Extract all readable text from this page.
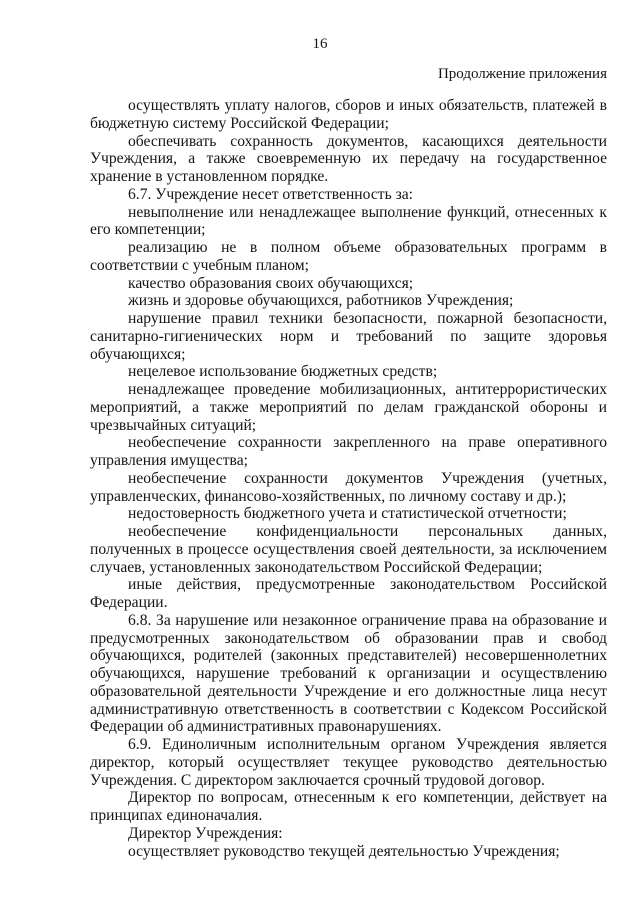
16
Продолжение приложения

осуществлять уплату налогов, сборов и иных обязательств, платежей в бюджетную систему Российской Федерации;

обеспечивать сохранность документов, касающихся деятельности Учреждения, а также своевременную их передачу на государственное хранение в установленном порядке.

6.7. Учреждение несет ответственность за:

невыполнение или ненадлежащее выполнение функций, отнесенных к его компетенции;

реализацию не в полном объеме образовательных программ в соответствии с учебным планом;

качество образования своих обучающихся;

жизнь и здоровье обучающихся, работников Учреждения;

нарушение правил техники безопасности, пожарной безопасности, санитарно-гигиенических норм и требований по защите здоровья обучающихся;

нецелевое использование бюджетных средств;

ненадлежащее проведение мобилизационных, антитеррористических мероприятий, а также мероприятий по делам гражданской обороны и чрезвычайных ситуаций;

необеспечение сохранности закрепленного на праве оперативного управления имущества;

необеспечение сохранности документов Учреждения (учетных, управленческих, финансово-хозяйственных, по личному составу и др.);

недостоверность бюджетного учета и статистической отчетности;

необеспечение конфиденциальности персональных данных, полученных в процессе осуществления своей деятельности, за исключением случаев, установленных законодательством Российской Федерации;

иные действия, предусмотренные законодательством Российской Федерации.

6.8. За нарушение или незаконное ограничение права на образование и предусмотренных законодательством об образовании прав и свобод обучающихся, родителей (законных представителей) несовершеннолетних обучающихся, нарушение требований к организации и осуществлению образовательной деятельности Учреждение и его должностные лица несут административную ответственность в соответствии с Кодексом Российской Федерации об административных правонарушениях.

6.9. Единоличным исполнительным органом Учреждения является директор, который осуществляет текущее руководство деятельностью Учреждения. С директором заключается срочный трудовой договор.

Директор по вопросам, отнесенным к его компетенции, действует на принципах единоначалия.

Директор Учреждения:

осуществляет руководство текущей деятельностью Учреждения;
